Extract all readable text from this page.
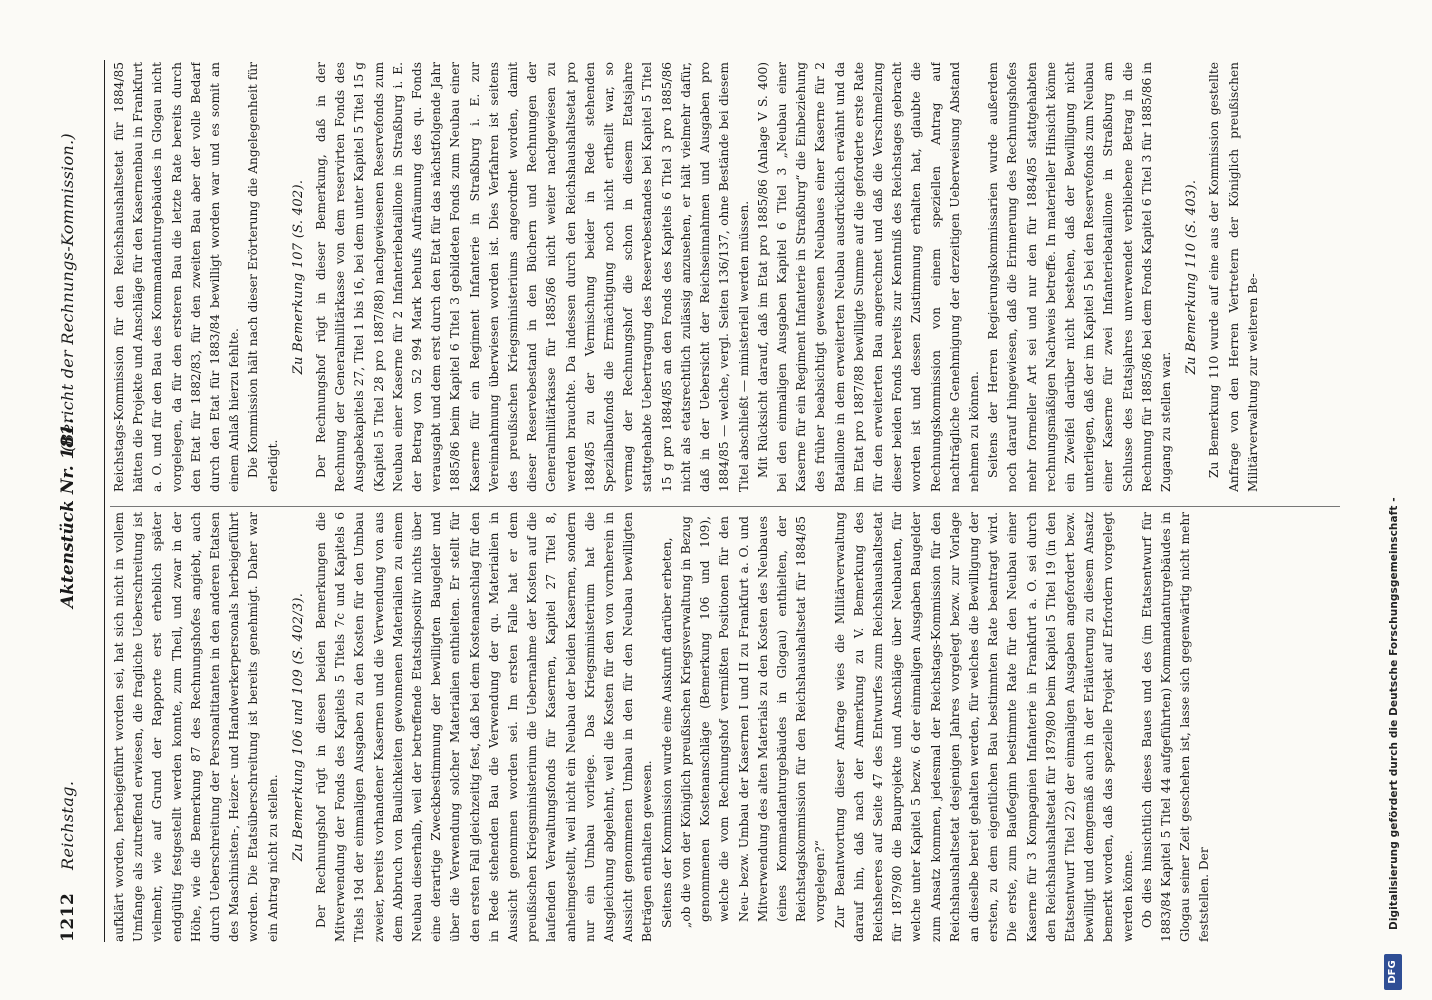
1212
Reichstag.
Aktenstück Nr. 181.
(Bericht der Rechnungs-Kommission.)

aufklärt worden, herbeigeführt worden sei, hat sich nicht in vollem Umfange als zutreffend erwiesen, die fragliche Ueberschreitung ist vielmehr, wie auf Grund der Rapporte erst erheblich später endgültig festgestellt werden konnte, zum Theil, und zwar in der Höhe, wie die Bemerkung 87 des Rechnungshofes angiebt, auch durch Ueberschreitung der Personaltitanten in den anderen Etatsen des Maschinisten-, Heizer- und Handwerkerpersonals herbeigeführt worden. Die Etatsüberschreitung ist bereits genehmigt. Daher war ein Antrag nicht zu stellen. Zu Bemerkung 106 und 109 (S. 402/3). Der Rechnungshof rügt in diesen beiden Bemerkungen die Mitverwendung der Fonds des Kapitels 5 Titels 7c und Kapitels 6 Titels 19d der einmaligen Ausgaben zu den Kosten für den Umbau zweier, bereits vorhandener Kasernen und die Verwendung von aus dem Abbruch von Baulichkeiten gewonnenen Materialien zu einem Neubau dieserhalb, weil der betreffende Etatsdispositiv nichts über eine derartige Zweckbestimmung der bewilligten Baugelder und über die Verwendung solcher Materialien enthielten. Er stellt für den ersten Fall gleichzeitig fest, daß bei dem Kostenanschlag für den in Rede stehenden Bau die Verwendung der qu. Materialien in Aussicht genommen worden sei. Im ersten Falle hat er dem preußischen Kriegsministerium die Uebernahme der Kosten auf die laufenden Verwaltungsfonds für Kasernen, Kapitel 27 Titel 8, anheimgestellt, weil nicht ein Neubau der beiden Kasernen, sondern nur ein Umbau vorliege. Das Kriegsministerium hat die Ausgleichung abgelehnt, weil die Kosten für den von vornherein in Aussicht genommenen Umbau in den für den Neubau bewilligten Beträgen enthalten gewesen. Seitens der Kommission wurde eine Auskunft darüber erbeten, „ob die von der Königlich preußischen Kriegsverwaltung in Bezug genommenen Kostenanschläge (Bemerkung 106 und 109), welche die vom Rechnungshof vermißten Positionen für den Neu- bezw. Umbau der Kasernen I und II zu Frankfurt a. O. und Mitverwendung des alten Materials zu den Kosten des Neubaues (eines Kommandanturgebäudes in Glogau) enthielten, der Reichstagskommission für den Reichshaushaltsetat für 1884/85 vorgelegen?“ Zur Beantwortung dieser Anfrage wies die Militärverwaltung darauf hin, daß nach der Anmerkung zu V. Bemerkung des Reichsheeres auf Seite 47 des Entwurfes zum Reichshaushaltsetat für 1879/80 die Bauprojekte und Anschläge über Neubauten, für welche unter Kapitel 5 bezw. 6 der einmaligen Ausgaben Baugelder zum Ansatz kommen, jedesmal der Reichstags-Kommission für den Reichshaushaltsetat desjenigen Jahres vorgelegt bezw. zur Vorlage an dieselbe bereit gehalten werden, für welches die Bewilligung der ersten, zu dem eigentlichen Bau bestimmten Rate beantragt wird. Die erste, zum Bauбeginn bestimmte Rate für den Neubau einer Kaserne für 3 Kompagnien Infanterie in Frankfurt a. O. sei durch den Reichshaushaltsetat für 1879/80 beim Kapitel 5 Titel 19 (in den Etatsentwurf Titel 22) der einmaligen Ausgaben angefordert bezw. bewilligt und demgemäß auch in der Erläuterung zu diesem Ansatz bemerkt worden, daß das spezielle Projekt auf Erfordern vorgelegt werden könne. Ob dies hinsichtlich dieses Baues und des (im Etatsentwurf für 1883/84 Kapitel 5 Titel 44 aufgeführten) Kommandanturgebäudes in Glogau seiner Zeit geschehen ist, lasse sich gegenwärtig nicht mehr feststellen. Der

Reichstags-Kommission für den Reichshaushaltsetat für 1884/85 hätten die Projekte und Anschläge für den Kasernenbau in Frankfurt a. O. und für den Bau des Kommandanturgebäudes in Glogau nicht vorgelegen, da für den ersteren Bau die letzte Rate bereits durch den Etat für 1882/83, für den zweiten Bau aber der volle Bedarf durch den Etat für 1883/84 bewilligt worden war und es somit an einem Anlaß hierzu fehlte. Die Kommission hält nach dieser Erörterung die Angelegenheit für erledigt.

Zu Bemerkung 107 (S. 402). Der Rechnungshof rügt in dieser Bemerkung, daß in der Rechnung der Generalmilitärkasse von dem reservirten Fonds des Ausgabekapitels 27, Titel 1 bis 16, bei dem unter Kapitel 5 Titel 15 g (Kapitel 5 Titel 28 pro 1887/88) nachgewiesenen Reservefonds zum Neubau einer Kaserne für 2 Infanteriebataillone in Straßburg i. E. der Betrag von 52 994 Mark behufs Aufräumung des qu. Fonds verausgabt und dem erst durch den Etat für das nächstfolgende Jahr 1885/86 beim Kapitel 6 Titel 3 gebildeten Fonds zum Neubau einer Kaserne für ein Regiment Infanterie in Straßburg i. E. zur Vereinnahmung überwiesen worden ist. Dies Verfahren ist seitens des preußischen Kriegsministeriums angeordnet worden, damit dieser Reservebestand in den Büchern und Rechnungen der Generalmilitärkasse für 1885/86 nicht weiter nachgewiesen zu werden brauchte. Da indessen durch den Reichshaushaltsetat pro 1884/85 zu der Vermischung beider in Rede stehenden Spezialbaufonds die Ermächtigung noch nicht ertheilt war, so vermag der Rechnungshof die schon in diesem Etatsjahre stattgehabte Uebertragung des Reservebestandes bei Kapitel 5 Titel 15 g pro 1884/85 an den Fonds des Kapitels 6 Titel 3 pro 1885/86 nicht als etatsrechtlich zulässig anzusehen, er hält vielmehr dafür, daß in der Uebersicht der Reichseinnahmen und Ausgaben pro 1884/85 — welche, vergl. Seiten 136/137, ohne Bestände bei diesem Titel abschließt — ministeriell werden müssen. Mit Rücksicht darauf, daß im Etat pro 1885/86 (Anlage V S. 400) bei den einmaligen Ausgaben Kapitel 6 Titel 3 „Neubau einer Kaserne für ein Regiment Infanterie in Straßburg“ die Einbeziehung des früher beabsichtigt gewesenen Neubaues einer Kaserne für 2 Bataillone in dem erweiterten Neubau ausdrücklich erwähnt und da im Etat pro 1887/88 bewilligte Summe auf die geforderte erste Rate für den erweiterten Bau angerechnet und daß die Verschmelzung dieser beiden Fonds bereits zur Kenntniß des Reichstages gebracht worden ist und dessen Zustimmung erhalten hat, glaubte die Rechnungskommission von einem speziellen Antrag auf nachträgliche Genehmigung der derzeitigen Ueberweisung Abstand nehmen zu können. Seitens der Herren Regierungskommissarien wurde außerdem noch darauf hingewiesen, daß die Erinnerung des Rechnungshofes mehr formeller Art sei und nur den für 1884/85 stattgehabten rechnungsmäßigen Nachweis betreffe. In materieller Hinsicht könne ein Zweifel darüber nicht bestehen, daß der Bewilligung nicht unterliegen, daß der im Kapitel 5 bei den Reservefonds zum Neubau einer Kaserne für zwei Infanteriebataillone in Straßburg am Schlusse des Etatsjahres unverwendet verbliebene Betrag in die Rechnung für 1885/86 bei dem Fonds Kapitel 6 Titel 3 für 1885/86 in Zugang zu stellen war.

Zu Bemerkung 110 (S. 403). Zu Bemerkung 110 wurde auf eine aus der Kommission gestellte Anfrage von den Herren Vertretern der Königlich preußischen Militärverwaltung zur weiteren Be-

DFG
Digitalisierung gefördert durch die Deutsche Forschungsgemeinschaft -
